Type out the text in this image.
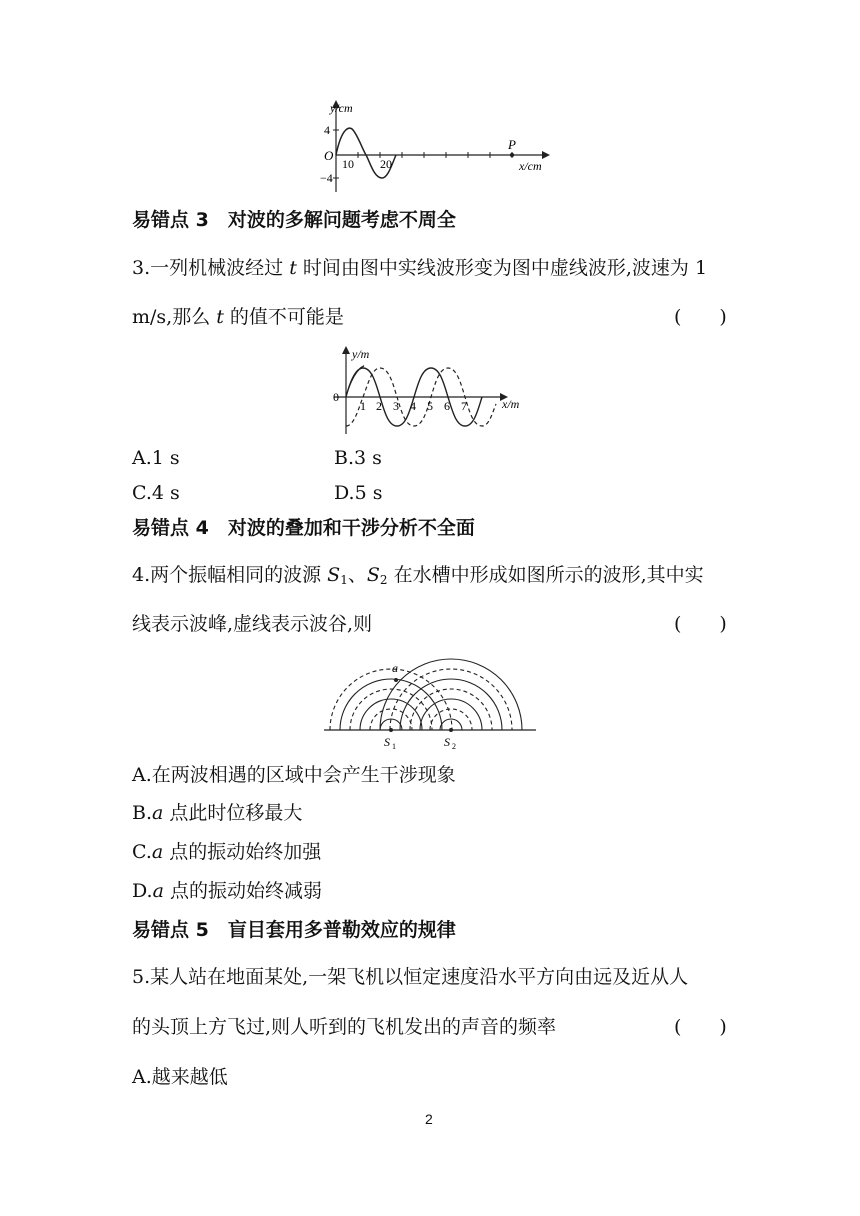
y/cm
x/cm
O
4
−4
10 20
P
易错点 3　对波的多解问题考虑不周全
3.一列机械波经过 t 时间由图中实线波形变为图中虚线波形,波速为 1
m/s,那么 t 的值不可能是	(　　)
y/m
x/m
0
1 2 3 4 5 6 7
A.1 s	B.3 s
C.4 s	D.5 s
易错点 4　对波的叠加和干涉分析不全面
4.两个振幅相同的波源 $S_1$、$S_2$ 在水槽中形成如图所示的波形,其中实
线表示波峰,虚线表示波谷,则	(　　)
a
S 1	S 2
A.在两波相遇的区域中会产生干涉现象
B.a 点此时位移最大
C.a 点的振动始终加强
D.a 点的振动始终减弱
易错点 5　盲目套用多普勒效应的规律
5.某人站在地面某处,一架飞机以恒定速度沿水平方向由远及近从人
的头顶上方飞过,则人听到的飞机发出的声音的频率	(　　)
A.越来越低
2
